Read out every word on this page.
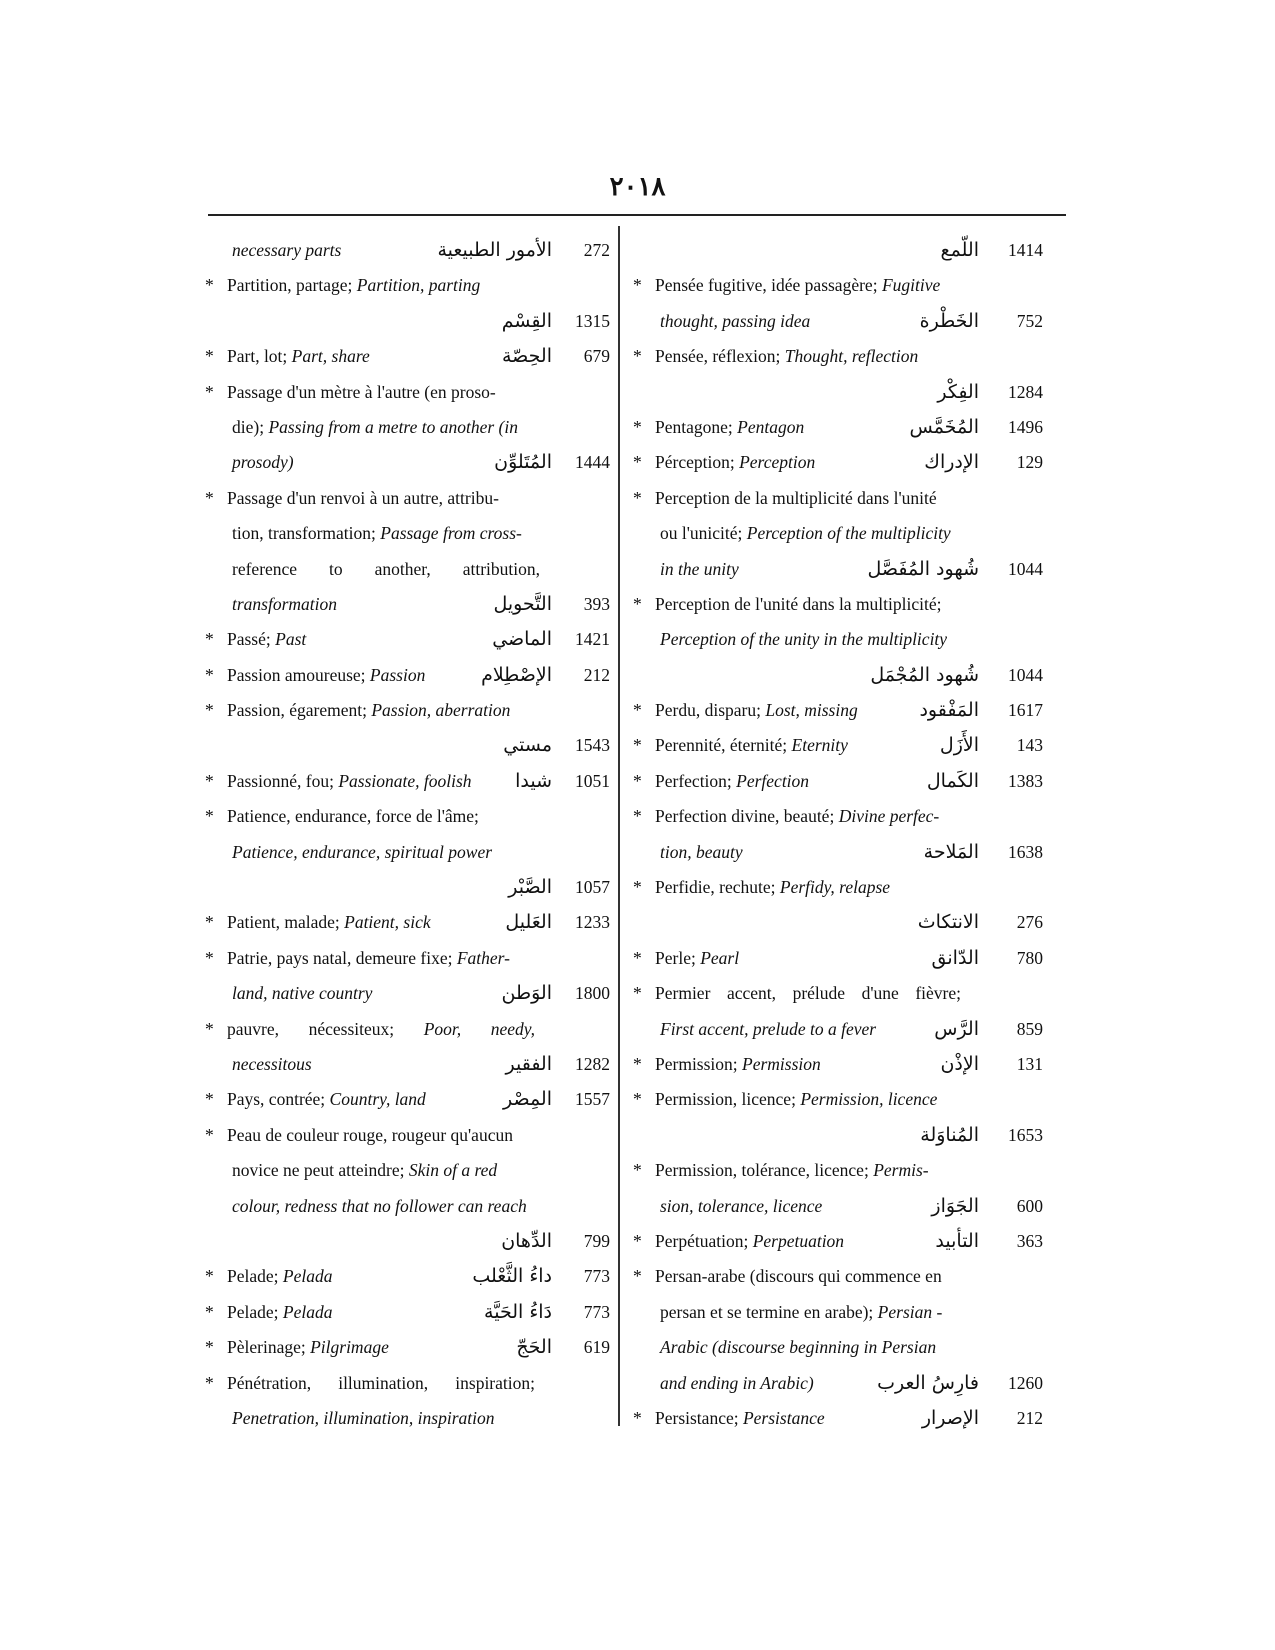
٢٠١٨
necessary parts	الأمور الطبيعية	272
* Partition, partage; Partition, parting
القِسْم	1315
* Part, lot; Part, share	الحِصّة	679
* Passage d'un mètre à l'autre (en proso-
die); Passing from a metre to another (in
prosody)	المُتَلوِّن	1444
* Passage d'un renvoi à un autre, attribu-
tion, transformation; Passage from cross-
reference to another, attribution,
transformation	التَّحويل	393
* Passé; Past	الماضي	1421
* Passion amoureuse; Passion	الإصْطِلام	212
* Passion, égarement; Passion, aberration
مستي	1543
* Passionné, fou; Passionate, foolish شيدا	1051
* Patience, endurance, force de l'âme;
Patience, endurance, spiritual power
الصَّبْر	1057
* Patient, malade; Patient, sick	العَليل	1233
* Patrie, pays natal, demeure fixe; Father-
land, native country	الوَطن	1800
* pauvre, nécessiteux; Poor, needy,
necessitous	الفقير	1282
* Pays, contrée; Country, land	المِصْر	1557
* Peau de couleur rouge, rougeur qu'aucun
novice ne peut atteindre; Skin of a red
colour, redness that no follower can reach
الدِّهان	799
* Pelade; Pelada	داءُ الثَّعْلب	773
* Pelade; Pelada	دَاءُ الحَيَّة	773
* Pèlerinage; Pilgrimage	الحَجّ	619
* Pénétration, illumination, inspiration;
Penetration, illumination, inspiration
اللّمع	1414
* Pensée fugitive, idée passagère; Fugitive
thought, passing idea	الخَطْرة	752
* Pensée, réflexion; Thought, reflection
الفِكْر	1284
* Pentagone; Pentagon	المُخَمَّس	1496
* Pérception; Perception	الإدراك	129
* Perception de la multiplicité dans l'unité
ou l'unicité; Perception of the multiplicity
in the unity	شُهود المُفَصَّل	1044
* Perception de l'unité dans la multiplicité;
Perception of the unity in the multiplicity
شُهود المُجْمَل	1044
* Perdu, disparu; Lost, missing	المَفْقود	1617
* Perennité, éternité; Eternity	الأَزَل	143
* Perfection; Perfection	الكَمال	1383
* Perfection divine, beauté; Divine perfec-
tion, beauty	المَلاحة	1638
* Perfidie, rechute; Perfidy, relapse
الانتكاث	276
* Perle; Pearl	الدّانق	780
* Permier accent, prélude d'une fièvre;
First accent, prelude to a fever	الرَّس	859
* Permission; Permission	الإذْن	131
* Permission, licence; Permission, licence
المُناوَلة	1653
* Permission, tolérance, licence; Permis-
sion, tolerance, licence	الجَوَاز	600
* Perpétuation; Perpetuation	التأبيد	363
* Persan-arabe (discours qui commence en
persan et se termine en arabe); Persian -
Arabic (discourse beginning in Persian
and ending in Arabic)	فارِسُ العرب	1260
* Persistance; Persistance	الإصرار	212
